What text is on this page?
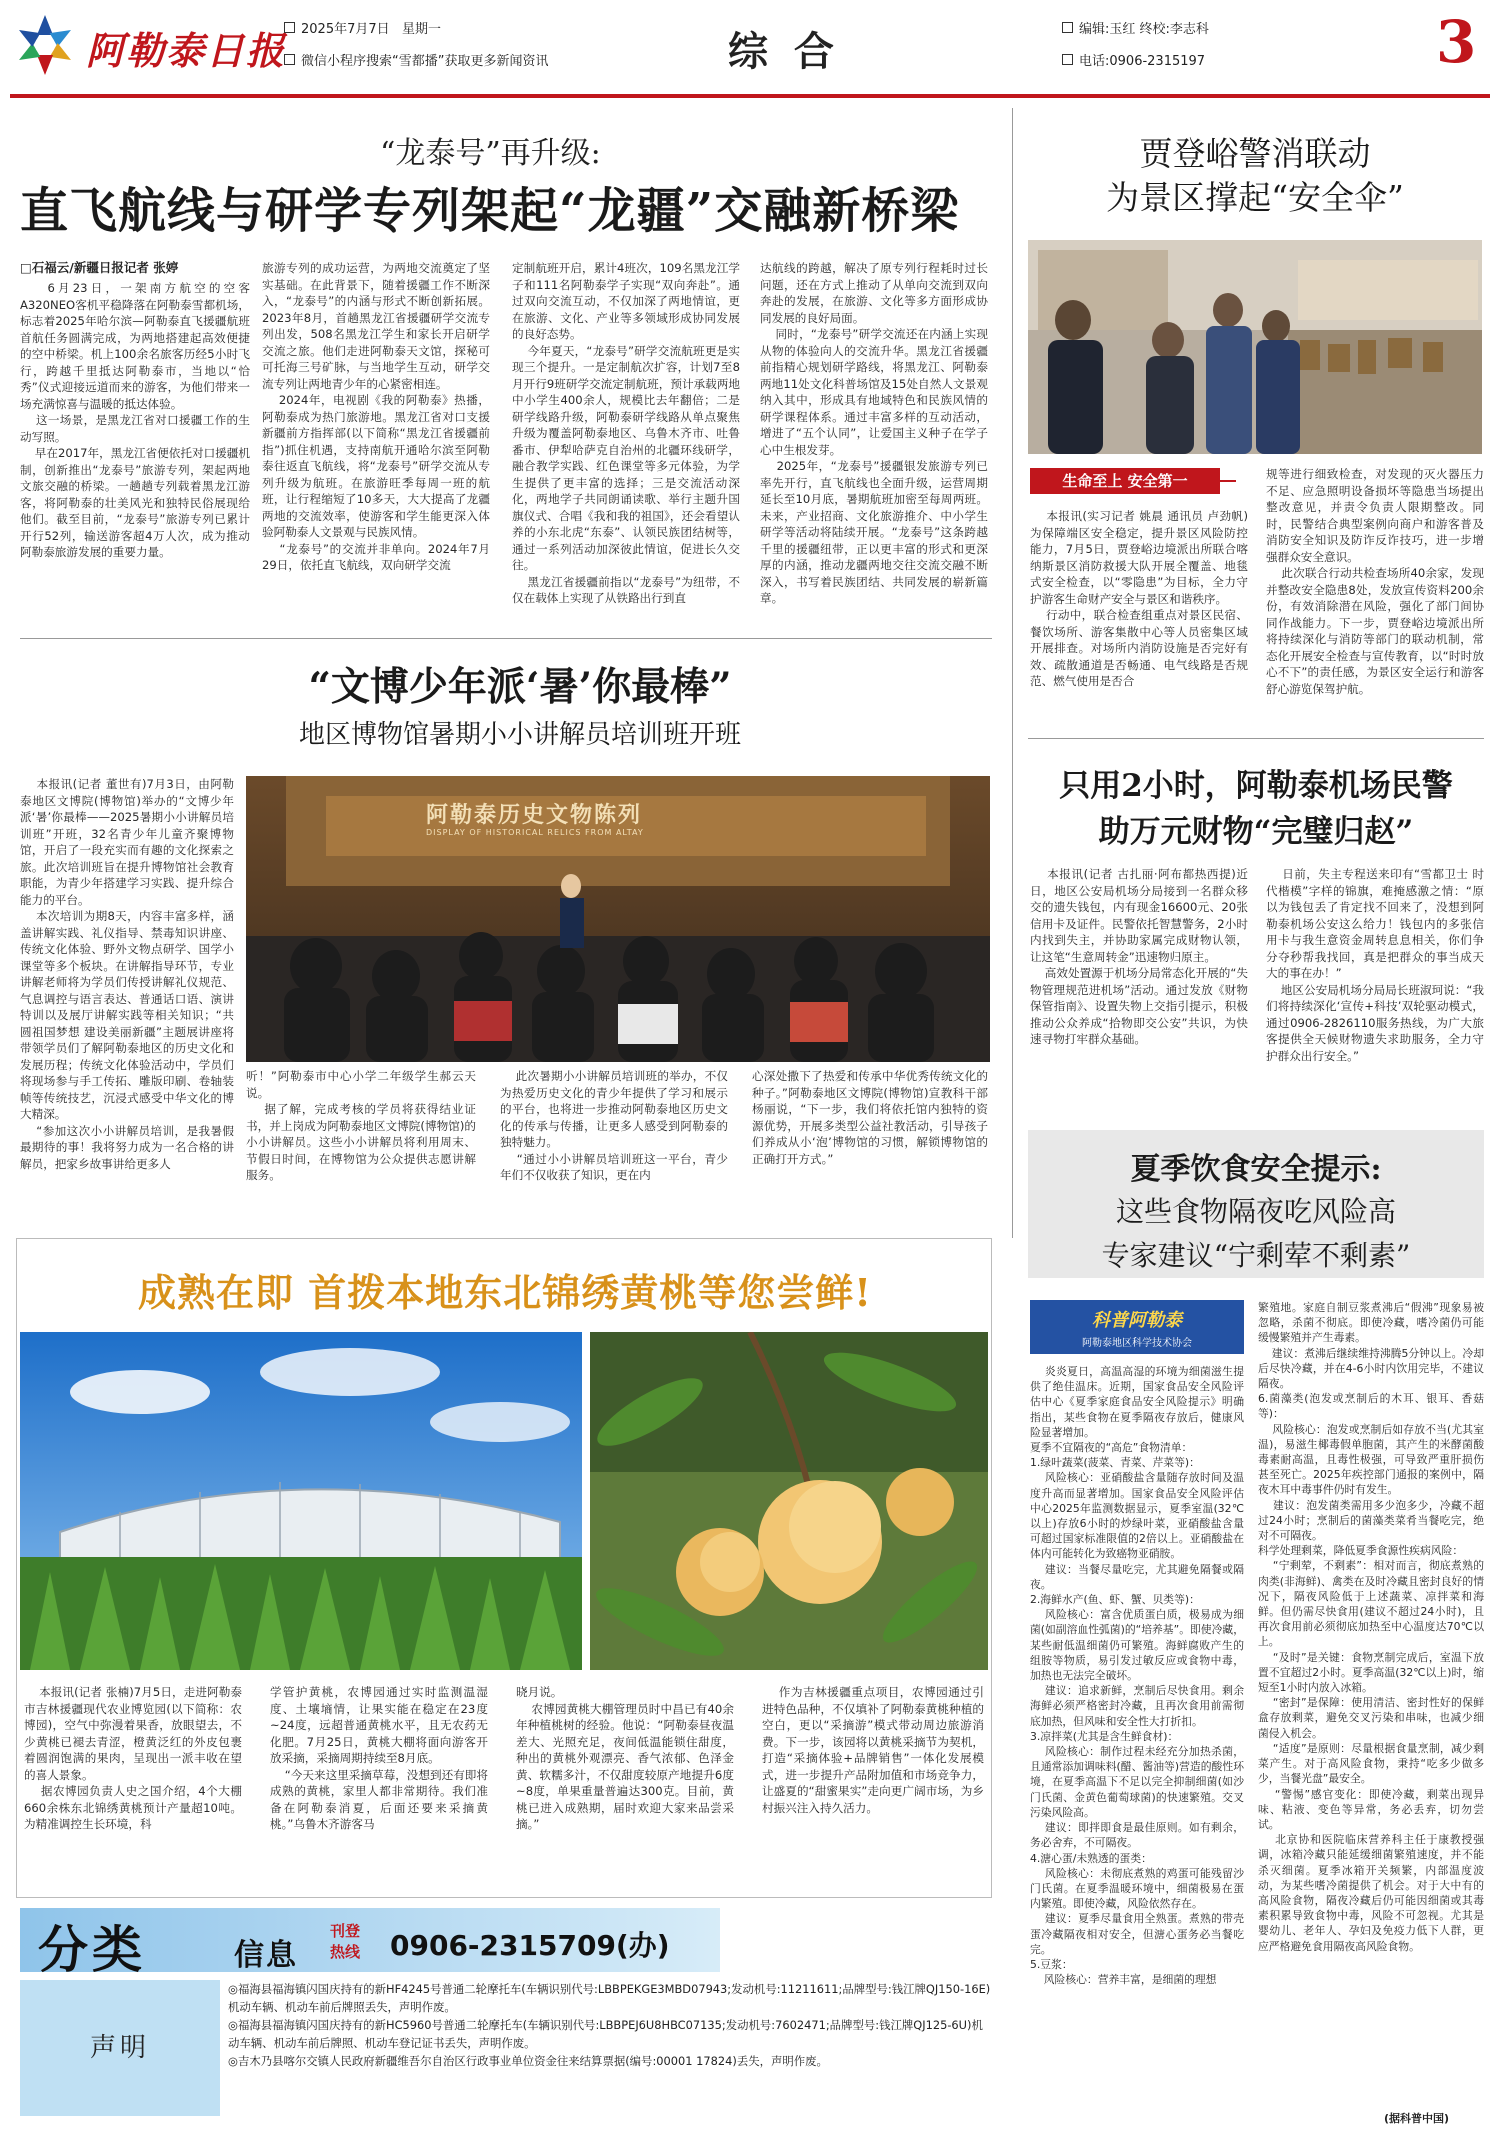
阿勒泰日报	2025年7月7日 星期一
微信小程序搜索“雪都播”获取更多新闻资讯	综 合	编辑:玉红 终校:李志科
电话:0906-2315197	3
“龙泰号”再升级:
直飞航线与研学专列架起“龙疆”交融新桥梁
□石福云/新疆日报记者 张婷
6月23日，一架南方航空的空客A320NEO客机平稳降落在阿勒泰雪都机场，标志着2025年哈尔滨—阿勒泰直飞援疆航班首航任务圆满完成，为两地搭建起高效便捷的空中桥梁。机上100余名旅客历经5小时飞行，跨越千里抵达阿勒泰市，当地以“恰秀”仪式迎接远道而来的游客，为他们带来一场充满惊喜与温暖的抵达体验。
这一场景，是黑龙江省对口援疆工作的生动写照。
早在2017年，黑龙江省便依托对口援疆机制，创新推出“龙泰号”旅游专列，架起两地文旅交融的桥梁。一趟趟专列载着黑龙江游客，将阿勒泰的壮美风光和独特民俗展现给他们。截至目前，“龙泰号”旅游专列已累计开行52列，输送游客超4万人次，成为推动阿勒泰旅游发展的重要力量。
旅游专列的成功运营，为两地交流奠定了坚实基础。在此背景下，随着援疆工作不断深入，“龙泰号”的内涵与形式不断创新拓展。2023年8月，首趟黑龙江省援疆研学交流专列出发，508名黑龙江学生和家长开启研学交流之旅。他们走进阿勒泰天文馆，探秘可可托海三号矿脉，与当地学生互动，研学交流专列让两地青少年的心紧密相连。
2024年，电视剧《我的阿勒泰》热播，阿勒泰成为热门旅游地。黑龙江省对口支援新疆前方指挥部(以下简称“黑龙江省援疆前指”)抓住机遇，支持南航开通哈尔滨至阿勒泰往返直飞航线，将“龙泰号”研学交流从专列升级为航班。在旅游旺季每周一班的航班，让行程缩短了10多天，大大提高了龙疆两地的交流效率，使游客和学生能更深入体验阿勒泰人文景观与民族风情。
“龙泰号”的交流并非单向。2024年7月29日，依托直飞航线，双向研学交流
定制航班开启，累计4班次，109名黑龙江学子和111名阿勒泰学子实现“双向奔赴”。通过双向交流互动，不仅加深了两地情谊，更在旅游、文化、产业等多领域形成协同发展的良好态势。
今年夏天，“龙泰号”研学交流航班更是实现三个提升。一是定制航次扩容，计划7至8月开行9班研学交流定制航班，预计承载两地中小学生400余人，规模比去年翻倍；二是研学线路升级，阿勒泰研学线路从单点聚焦升级为覆盖阿勒泰地区、乌鲁木齐市、吐鲁番市、伊犁哈萨克自治州的北疆环线研学，融合教学实践、红色课堂等多元体验，为学生提供了更丰富的选择；三是交流活动深化，两地学子共同朗诵读歌、举行主题升国旗仪式、合唱《我和我的祖国》，还会看望认养的小东北虎“东泰”、认领民族团结树等，通过一系列活动加深彼此情谊，促进长久交往。
黑龙江省援疆前指以“龙泰号”为纽带，不仅在载体上实现了从铁路出行到直
达航线的跨越，解决了原专列行程耗时过长问题，还在方式上推动了从单向交流到双向奔赴的发展，在旅游、文化等多方面形成协同发展的良好局面。
同时，“龙泰号”研学交流还在内涵上实现从物的体验向人的交流升华。黑龙江省援疆前指精心规划研学路线，将黑龙江、阿勒泰两地11处文化科普场馆及15处自然人文景观纳入其中，形成具有地域特色和民族风情的研学课程体系。通过丰富多样的互动活动，增进了“五个认同”，让爱国主义种子在学子心中生根发芽。
2025年，“龙泰号”援疆银发旅游专列已率先开行，直飞航线也全面升级，运营周期延长至10月底，暑期航班加密至每周两班。未来，产业招商、文化旅游推介、中小学生研学等活动将陆续开展。“龙泰号”这条跨越千里的援疆纽带，正以更丰富的形式和更深厚的内涵，推动龙疆两地交往交流交融不断深入，书写着民族团结、共同发展的崭新篇章。
贾登峪警消联动
为景区撑起“安全伞”
生命至上 安全第一
本报讯(实习记者 姚晨 通讯员 卢劲帆)为保障端区安全稳定，提升景区风险防控能力，7月5日，贾登峪边境派出所联合喀纳斯景区消防救援大队开展全覆盖、地毯式安全检查，以“零隐患”为目标，全力守护游客生命财产安全与景区和谐秩序。
行动中，联合检查组重点对景区民宿、餐饮场所、游客集散中心等人员密集区域开展排查。对场所内消防设施是否完好有效、疏散通道是否畅通、电气线路是否规范、燃气使用是否合
规等进行细致检查，对发现的灭火器压力不足、应急照明设备损坏等隐患当场提出整改意见，并责令负责人限期整改。同时，民警结合典型案例向商户和游客普及消防安全知识及防诈反诈技巧，进一步增强群众安全意识。
此次联合行动共检查场所40余家，发现并整改安全隐患8处，发放宣传资料200余份，有效消除潜在风险，强化了部门间协同作战能力。下一步，贾登峪边境派出所将持续深化与消防等部门的联动机制，常态化开展安全检查与宣传教育，以“时时放心不下”的责任感，为景区安全运行和游客舒心游览保驾护航。
“文博少年派‘暑’你最棒”
地区博物馆暑期小小讲解员培训班开班
本报讯(记者 董世有)7月3日，由阿勒泰地区文博院(博物馆)举办的“文博少年派‘暑’你最棒——2025暑期小小讲解员培训班”开班，32名青少年儿童齐聚博物馆，开启了一段充实而有趣的文化探索之旅。此次培训班旨在提升博物馆社会教育职能，为青少年搭建学习实践、提升综合能力的平台。
本次培训为期8天，内容丰富多样，涵盖讲解实践、礼仪指导、禁毒知识讲座、传统文化体验、野外文物点研学、国学小课堂等多个板块。在讲解指导环节，专业讲解老师将为学员们传授讲解礼仪规范、气息调控与语言表达、普通话口语、演讲特训以及展厅讲解实践等相关知识；“共圆祖国梦想 建设美丽新疆”主题展讲座将带领学员们了解阿勒泰地区的历史文化和发展历程；传统文化体验活动中，学员们将现场参与手工传拓、雕版印刷、卷轴装帧等传统技艺，沉浸式感受中华文化的博大精深。
“参加这次小小讲解员培训，是我暑假最期待的事！我将努力成为一名合格的讲解员，把家乡故事讲给更多人
阿勒泰历史文物陈列
DISPLAY OF HISTORICAL RELICS FROM ALTAY
听！”阿勒泰市中心小学二年级学生郝云天说。
据了解，完成考核的学员将获得结业证书，并上岗成为阿勒泰地区文博院(博物馆)的小小讲解员。这些小小讲解员将利用周末、节假日时间，在博物馆为公众提供志愿讲解服务。
此次暑期小小讲解员培训班的举办，不仅为热爱历史文化的青少年提供了学习和展示的平台，也将进一步推动阿勒泰地区历史文化的传承与传播，让更多人感受到阿勒泰的独特魅力。
“通过小小讲解员培训班这一平台，青少年们不仅收获了知识，更在内
心深处撒下了热爱和传承中华优秀传统文化的种子。”阿勒泰地区文博院(博物馆)宣教科干部杨丽说，“下一步，我们将依托馆内独特的资源优势，开展多类型公益社教活动，引导孩子们养成从小‘泡’博物馆的习惯，解锁博物馆的正确打开方式。”
只用2小时，阿勒泰机场民警
助万元财物“完璧归赵”
本报讯(记者 古扎丽·阿布都热西提)近日，地区公安局机场分局接到一名群众移交的遗失钱包，内有现金16600元、20张信用卡及证件。民警依托智慧警务，2小时内找到失主，并协助家属完成财物认领，让这笔“生意周转金”迅速物归原主。
高效处置源于机场分局常态化开展的“失物管理规范进机场”活动。通过发放《财物保管指南》、设置失物上交指引提示，积极推动公众养成“拾物即交公安”共识，为快速寻物打牢群众基础。
日前，失主专程送来印有“雪都卫士 时代楷模”字样的锦旗，难掩感激之情：“原以为钱包丢了肯定找不回来了，没想到阿勒泰机场公安这么给力！钱包内的多张信用卡与我生意资金周转息息相关，你们争分夺秒帮我找回，真是把群众的事当成天大的事在办！”
地区公安局机场分局局长班淑珂说：“我们将持续深化‘宣传+科技’双轮驱动模式，通过0906-2826110服务热线，为广大旅客提供全天候财物遗失求助服务，全力守护群众出行安全。”
夏季饮食安全提示:
这些食物隔夜吃风险高
专家建议“宁剩荤不剩素”
科普阿勒泰
阿勒泰地区科学技术协会
炎炎夏日，高温高湿的环境为细菌滋生提供了绝佳温床。近期，国家食品安全风险评估中心《夏季家庭食品安全风险提示》明确指出，某些食物在夏季隔夜存放后，健康风险显著增加。
夏季不宜隔夜的“高危”食物清单：
1.绿叶蔬菜(菠菜、青菜、芹菜等)：
风险核心：亚硝酸盐含量随存放时间及温度升高而显著增加。国家食品安全风险评估中心2025年监测数据显示，夏季室温(32℃以上)存放6小时的炒绿叶菜，亚硝酸盐含量可超过国家标准限值的2倍以上。亚硝酸盐在体内可能转化为致癌物亚硝胺。
建议：当餐尽量吃完，尤其避免隔餐或隔夜。
2.海鲜水产(鱼、虾、蟹、贝类等)：
风险核心：富含优质蛋白质，极易成为细菌(如副溶血性弧菌)的“培养基”。即使冷藏，某些耐低温细菌仍可繁殖。海鲜腐败产生的组胺等物质，易引发过敏反应或食物中毒，加热也无法完全破坏。
建议：追求新鲜，烹制后尽快食用。剩余海鲜必须严格密封冷藏，且再次食用前需彻底加热，但风味和安全性大打折扣。
3.凉拌菜(尤其是含生鲜食材)：
风险核心：制作过程未经充分加热杀菌，且通常添加调味料(醋、酱油等)营造的酸性环境，在夏季高温下不足以完全抑制细菌(如沙门氏菌、金黄色葡萄球菌)的快速繁殖。交叉污染风险高。
建议：即拌即食是最佳原则。如有剩余，务必舍弃，不可隔夜。
4.溏心蛋/未熟透的蛋类：
风险核心：未彻底煮熟的鸡蛋可能残留沙门氏菌。在夏季温暖环境中，细菌极易在蛋内繁殖。即使冷藏，风险依然存在。
建议：夏季尽量食用全熟蛋。煮熟的带壳蛋冷藏隔夜相对安全，但溏心蛋务必当餐吃完。
5.豆浆：
风险核心：营养丰富，是细菌的理想
繁殖地。家庭自制豆浆煮沸后“假沸”现象易被忽略，杀菌不彻底。即使冷藏，嗜冷菌仍可能缓慢繁殖并产生毒素。
建议：煮沸后继续维持沸腾5分钟以上。冷却后尽快冷藏，并在4-6小时内饮用完毕，不建议隔夜。
6.菌藻类(泡发或烹制后的木耳、银耳、香菇等)：
风险核心：泡发或烹制后如存放不当(尤其室温)，易滋生椰毒假单胞菌，其产生的米酵菌酸毒素耐高温，且毒性极强，可导致严重肝损伤甚至死亡。2025年疾控部门通报的案例中，隔夜木耳中毒事件仍时有发生。
建议：泡发菌类需用多少泡多少，冷藏不超过24小时；烹制后的菌藻类菜肴当餐吃完，绝对不可隔夜。
科学处理剩菜，降低夏季食源性疾病风险：
“宁剩荤，不剩素”：相对而言，彻底煮熟的肉类(非海鲜)、禽类在及时冷藏且密封良好的情况下，隔夜风险低于上述蔬菜、凉拌菜和海鲜。但仍需尽快食用(建议不超过24小时)，且再次食用前必须彻底加热至中心温度达70℃以上。
“及时”是关键：食物烹制完成后，室温下放置不宜超过2小时。夏季高温(32℃以上)时，缩短至1小时内放入冰箱。
“密封”是保障：使用清洁、密封性好的保鲜盒存放剩菜，避免交叉污染和串味，也减少细菌侵入机会。
“适度”是原则：尽量根据食量烹制，减少剩菜产生。对于高风险食物，秉持“吃多少做多少，当餐光盘”最安全。
“警惕”感官变化：即使冷藏，剩菜出现异味、粘液、变色等异常，务必丢弃，切勿尝试。
北京协和医院临床营养科主任于康教授强调，冰箱冷藏只能延缓细菌繁殖速度，并不能杀灭细菌。夏季冰箱开关频繁，内部温度波动，为某些嗜冷菌提供了机会。对于大中有的高风险食物，隔夜冷藏后仍可能因细菌或其毒素积累导致食物中毒，风险不可忽视。尤其是婴幼儿、老年人、孕妇及免疫力低下人群，更应严格避免食用隔夜高风险食物。
(据科普中国)
成熟在即 首拨本地东北锦绣黄桃等您尝鲜!
本报讯(记者 张楠)7月5日，走进阿勒泰市吉林援疆现代农业博览园(以下简称：农博园)，空气中弥漫着果香，放眼望去，不少黄桃已褪去青涩，橙黄泛红的外皮包裹着圆润饱满的果肉，呈现出一派丰收在望的喜人景象。
据农博园负责人史之国介绍，4个大棚660余株东北锦绣黄桃预计产量超10吨。为精准调控生长环境，科
学管护黄桃，农博园通过实时监测温湿度、土壤墒情，让果实能在稳定在23度~24度，远超普通黄桃水平，且无农药无化肥。7月25日，黄桃大棚将面向游客开放采摘，采摘周期持续至8月底。
“今天来这里采摘草莓，没想到还有即将成熟的黄桃，家里人都非常期待。我们准备在阿勒泰消夏，后面还要来采摘黄桃。”乌鲁木齐游客马
晓月说。
农博园黄桃大棚管理员时中昌已有40余年种植桃树的经验。他说：“阿勒泰昼夜温差大、光照充足，夜间低温能锁住甜度，种出的黄桃外观漂亮、香气浓郁、色泽金黄、软糯多汁，不仅甜度较原产地提升6度~8度，单果重量普遍达300克。目前，黄桃已进入成熟期，届时欢迎大家来品尝采摘。”
作为吉林援疆重点项目，农博园通过引进特色品种，不仅填补了阿勒泰黄桃种植的空白，更以“采摘游”模式带动周边旅游消费。下一步，该园将以黄桃采摘节为契机，打造“采摘体验+品牌销售”一体化发展模式，进一步提升产品附加值和市场竞争力，让盛夏的“甜蜜果实”走向更广阔市场，为乡村振兴注入持久活力。
分类	信息
刊登
热线	0906-2315709(办)
声明
◎福海县福海镇闪国庆持有的新HF4245号普通二轮摩托车(车辆识别代号:LBBPEKGE3MBD07943;发动机号:11211611;品牌型号:钱江牌QJ150-16E)机动车辆、机动车前后牌照丢失，声明作废。
◎福海县福海镇闪国庆持有的新HC5960号普通二轮摩托车(车辆识别代号:LBBPEJ6U8HBC07135;发动机号:7602471;品牌型号:钱江牌QJ125-6U)机动车辆、机动车前后牌照、机动车登记证书丢失，声明作废。
◎吉木乃县喀尔交镇人民政府新疆维吾尔自治区行政事业单位资金往来结算票据(编号:00001 17824)丢失，声明作废。
